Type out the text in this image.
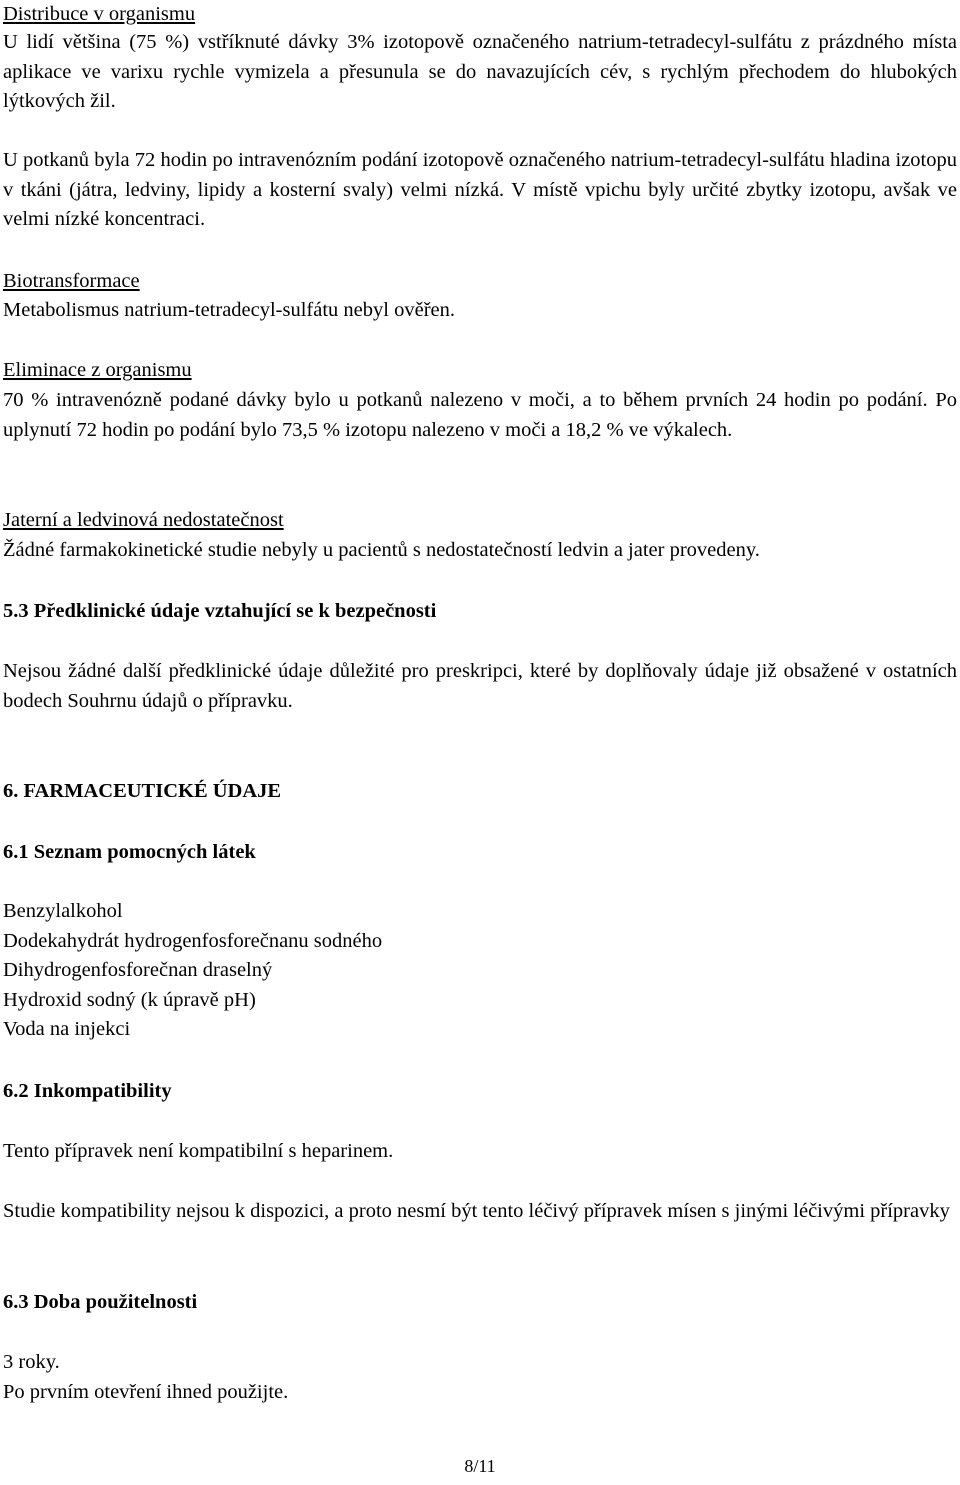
Distribuce v organismu
U lidí většina (75 %) vstříknuté dávky 3% izotopově označeného natrium-tetradecyl-sulfátu z prázdného místa aplikace ve varixu rychle vymizela a přesunula se do navazujících cév, s rychlým přechodem do hlubokých lýtkových žil.
U potkanů byla 72 hodin po intravenózním podání izotopově označeného natrium-tetradecyl-sulfátu hladina izotopu v tkáni (játra, ledviny, lipidy a kosterní svaly) velmi nízká. V místě vpichu byly určité zbytky izotopu, avšak ve velmi nízké koncentraci.
Biotransformace
Metabolismus natrium-tetradecyl-sulfátu nebyl ověřen.
Eliminace z organismu
70 % intravenózně podané dávky bylo u potkanů nalezeno v moči, a to během prvních 24 hodin po podání. Po uplynutí 72 hodin po podání bylo 73,5 % izotopu nalezeno v moči a 18,2 % ve výkalech.
Jaterní a ledvinová nedostatečnost
Žádné farmakokinetické studie nebyly u pacientů s nedostatečností ledvin a jater provedeny.
5.3 Předklinické údaje vztahující se k bezpečnosti
Nejsou žádné další předklinické údaje důležité pro preskripci, které by doplňovaly údaje již obsažené v ostatních bodech Souhrnu údajů o přípravku.
6. FARMACEUTICKÉ ÚDAJE
6.1 Seznam pomocných látek
Benzylalkohol
Dodekahydrát hydrogenfosforečnanu sodného
Dihydrogenfosforečnan draselný
Hydroxid sodný (k úpravě pH)
Voda na injekci
6.2 Inkompatibility
Tento přípravek není kompatibilní s heparinem.
Studie kompatibility nejsou k dispozici, a proto nesmí být tento léčivý přípravek mísen s jinými léčivými přípravky
6.3 Doba použitelnosti
3 roky.
Po prvním otevření ihned použijte.
8/11
